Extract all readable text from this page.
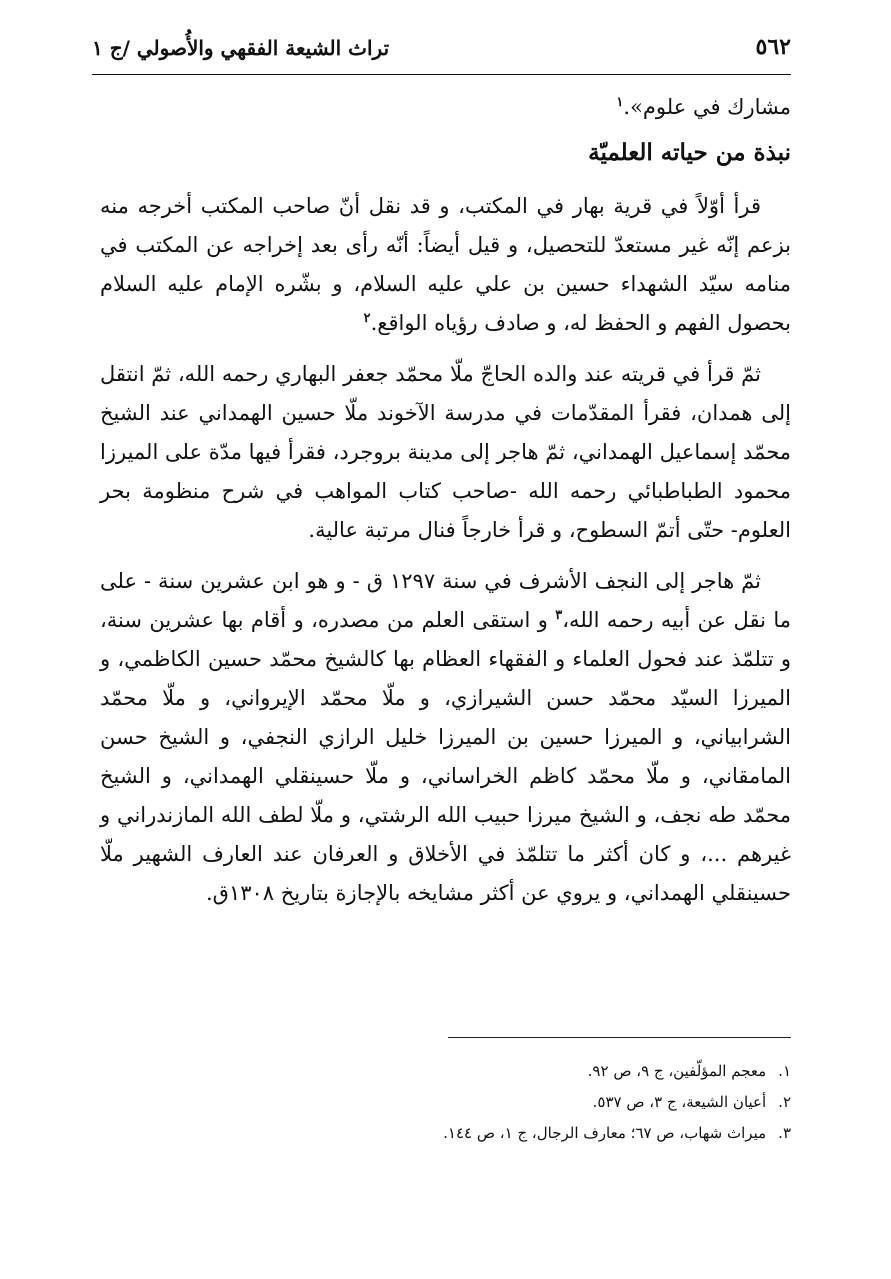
تراث الشيعة الفقهي والأُصولي /ج ١	٥٦٢

مشارك في علوم».$^١$

نبذة من حياته العلميّة

قرأ أوّلاً في قرية بهار في المكتب، و قد نقل أنّ صاحب المكتب أخرجه منه بزعم إنّه غير مستعدّ للتحصيل، و قيل أيضاً: أنّه رأى بعد إخراجه عن المكتب في منامه سيّد الشهداء حسين بن علي عليه السلام، و بشّره الإمام عليه السلام بحصول الفهم و الحفظ له، و صادف رؤياه الواقع.$^٢$

ثمّ قرأ في قريته عند والده الحاجّ ملّا محمّد جعفر البهاري رحمه الله، ثمّ انتقل إلى همدان، فقرأ المقدّمات في مدرسة الآخوند ملّا حسين الهمداني عند الشيخ محمّد إسماعيل الهمداني، ثمّ هاجر إلى مدينة بروجرد، فقرأ فيها مدّة على الميرزا محمود الطباطبائي رحمه الله -صاحب كتاب المواهب في شرح منظومة بحر العلوم- حتّى أتمّ السطوح، و قرأ خارجاً فنال مرتبة عالية.

ثمّ هاجر إلى النجف الأشرف في سنة ١٢٩٧ ق - و هو ابن عشرين سنة - على ما نقل عن أبيه رحمه الله،$^٣$ و استقى العلم من مصدره، و أقام بها عشرين سنة، و تتلمّذ عند فحول العلماء و الفقهاء العظام بها كالشيخ محمّد حسين الكاظمي، و الميرزا السيّد محمّد حسن الشيرازي، و ملّا محمّد الإيرواني، و ملّا محمّد الشرابياني، و الميرزا حسين بن الميرزا خليل الرازي النجفي، و الشيخ حسن المامقاني، و ملّا محمّد كاظم الخراساني، و ملّا حسينقلي الهمداني، و الشيخ محمّد طه نجف، و الشيخ ميرزا حبيب الله الرشتي، و ملّا لطف الله المازندراني و غيرهم ...، و كان أكثر ما تتلمّذ في الأخلاق و العرفان عند العارف الشهير ملّا حسينقلي الهمداني، و يروي عن أكثر مشايخه بالإجازة بتاريخ ١٣٠٨ق.

١.معجم المؤلّفين، ج ٩، ص ٩٢.
٢.أعيان الشيعة، ج ٣، ص ٥٣٧.
٣.ميراث شهاب، ص ٦٧؛ معارف الرجال، ج ١، ص ١٤٤.
